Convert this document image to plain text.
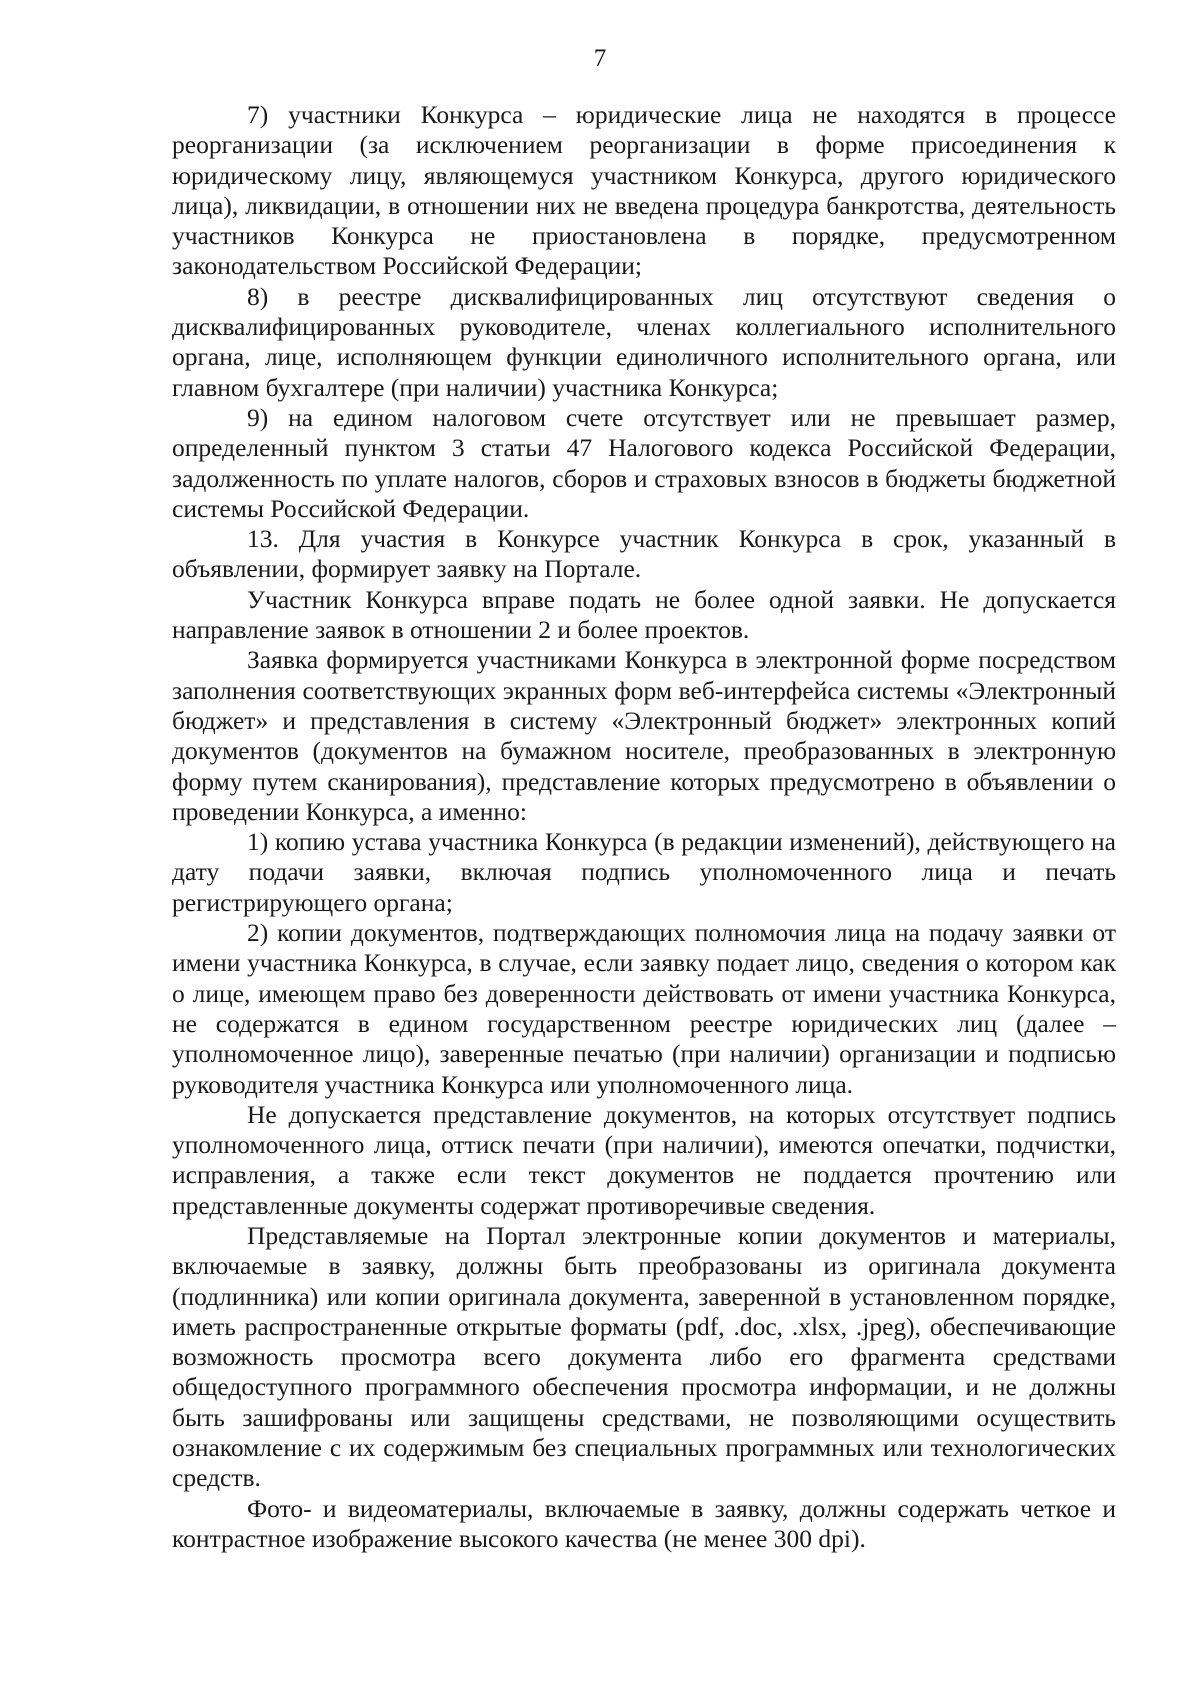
7

7) участники Конкурса – юридические лица не находятся в процессе реорганизации (за исключением реорганизации в форме присоединения к юридическому лицу, являющемуся участником Конкурса, другого юридического лица), ликвидации, в отношении них не введена процедура банкротства, деятельность участников Конкурса не приостановлена в порядке, предусмотренном законодательством Российской Федерации;

8) в реестре дисквалифицированных лиц отсутствуют сведения о дисквалифицированных руководителе, членах коллегиального исполнительного органа, лице, исполняющем функции единоличного исполнительного органа, или главном бухгалтере (при наличии) участника Конкурса;

9) на едином налоговом счете отсутствует или не превышает размер, определенный пунктом 3 статьи 47 Налогового кодекса Российской Федерации, задолженность по уплате налогов, сборов и страховых взносов в бюджеты бюджетной системы Российской Федерации.

13. Для участия в Конкурсе участник Конкурса в срок, указанный в объявлении, формирует заявку на Портале.

Участник Конкурса вправе подать не более одной заявки. Не допускается направление заявок в отношении 2 и более проектов.

Заявка формируется участниками Конкурса в электронной форме посредством заполнения соответствующих экранных форм веб-интерфейса системы «Электронный бюджет» и представления в систему «Электронный бюджет» электронных копий документов (документов на бумажном носителе, преобразованных в электронную форму путем сканирования), представление которых предусмотрено в объявлении о проведении Конкурса, а именно:

1) копию устава участника Конкурса (в редакции изменений), действующего на дату подачи заявки, включая подпись уполномоченного лица и печать регистрирующего органа;

2) копии документов, подтверждающих полномочия лица на подачу заявки от имени участника Конкурса, в случае, если заявку подает лицо, сведения о котором как о лице, имеющем право без доверенности действовать от имени участника Конкурса, не содержатся в едином государственном реестре юридических лиц (далее – уполномоченное лицо), заверенные печатью (при наличии) организации и подписью руководителя участника Конкурса или уполномоченного лица.

Не допускается представление документов, на которых отсутствует подпись уполномоченного лица, оттиск печати (при наличии), имеются опечатки, подчистки, исправления, а также если текст документов не поддается прочтению или представленные документы содержат противоречивые сведения.

Представляемые на Портал электронные копии документов и материалы, включаемые в заявку, должны быть преобразованы из оригинала документа (подлинника) или копии оригинала документа, заверенной в установленном порядке, иметь распространенные открытые форматы (pdf, .doc, .xlsx, .jpeg), обеспечивающие возможность просмотра всего документа либо его фрагмента средствами общедоступного программного обеспечения просмотра информации, и не должны быть зашифрованы или защищены средствами, не позволяющими осуществить ознакомление с их содержимым без специальных программных или технологических средств.

Фото- и видеоматериалы, включаемые в заявку, должны содержать четкое и контрастное изображение высокого качества (не менее 300 dpi).
